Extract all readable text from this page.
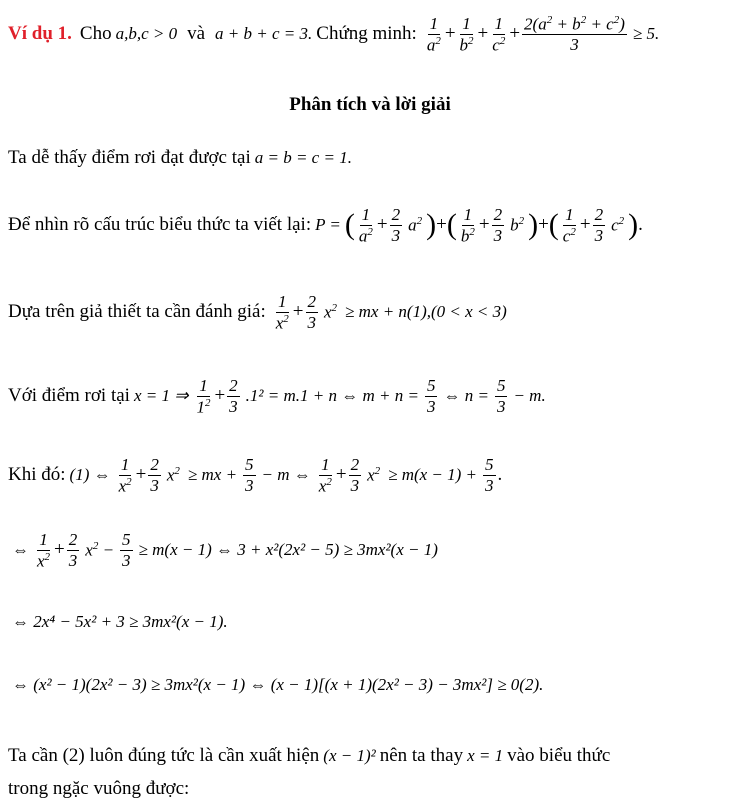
Ví dụ 1. Cho a,b,c > 0 và a + b + c = 3. Chứng minh: $\frac{1}{a^2} + \frac{1}{b^2} + \frac{1}{c^2} + \frac{2(a^2 + b^2 + c^2)}{3} \ge 5$.
Phân tích và lời giải
Ta dễ thấy điểm rơi đạt được tại a = b = c = 1.
Để nhìn rõ cấu trúc biểu thức ta viết lại: P = ( $\frac{1}{a^2} + \frac{2}{3} a^2$ ) + ( $\frac{1}{b^2} + \frac{2}{3} b^2$ ) + ( $\frac{1}{c^2} + \frac{2}{3} c^2$ ) .
Dựa trên giả thiết ta cần đánh giá: $\frac{1}{x^2} + \frac{2}{3} x^2$ ≥ mx + n(1),(0 < x < 3)
Với điểm rơi tại x = 1 ⇒ $\frac{1}{1^2} + \frac{2}{3} .1^2 = m.1 + n$ ⇔ $m + n = \frac{5}{3}$ ⇔ $n = \frac{5}{3} - m$.
Khi đó: (1) ⇔ $\frac{1}{x^2} + \frac{2}{3} x^2$ ≥ mx + $\frac{5}{3} - m$ ⇔ $\frac{1}{x^2} + \frac{2}{3} x^2 \ge m(x - 1) + \frac{5}{3}$ .
⇔ $\frac{1}{x^2} + \frac{2}{3} x^2 - \frac{5}{3} \ge m(x - 1)$ ⇔ 3 + x²(2x² − 5) ≥ 3mx²(x − 1)
⇔ 2x⁴ − 5x² + 3 ≥ 3mx²(x − 1).
⇔ (x² − 1)(2x² − 3) ≥ 3mx²(x − 1) ⇔ (x − 1)[(x + 1)(2x² − 3) − 3mx²] ≥ 0(2).
Ta cần (2) luôn đúng tức là cần xuất hiện (x − 1)² nên ta thay x = 1 vào biểu thức
trong ngặc vuông được:
